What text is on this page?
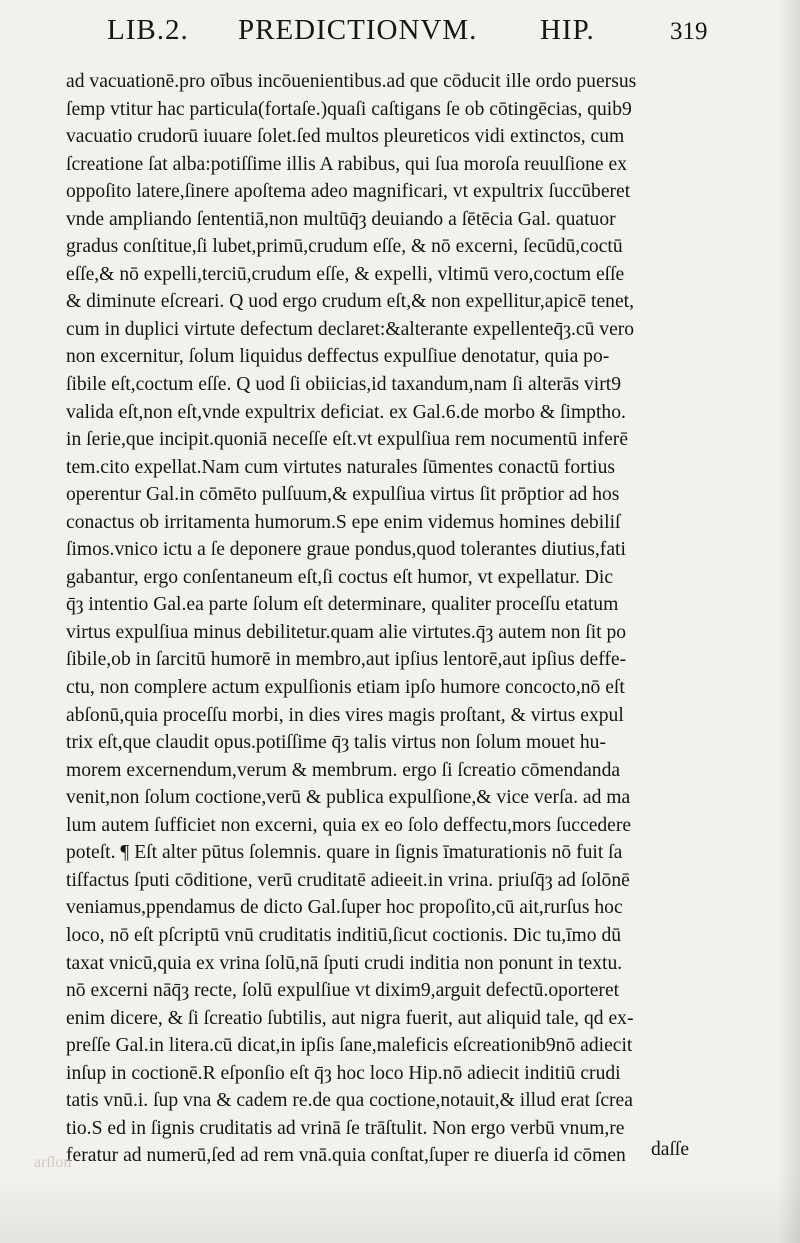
LIB.2. PREDICTIONVM. HIP.	319
ad vacuationē.pro oībus incōuenientibus.ad que cōducit ille ordo puersus
ſemp vtitur hac particula(fortaſe.)quaſi caſtigans ſe ob cōtingēcias, quib9
vacuatio crudorū iuuare ſolet.ſed multos pleureticos vidi extinctos, cum
ſcreatione ſat alba:potiſſime illis A rabibus, qui ſua moroſa reuulſione ex
oppoſito latere,ſinere apoſtema adeo magnificari, vt expultrix ſuccūberet
vnde ampliando ſententiā,non multūq̄ȝ deuiando a ſētēcia Gal. quatuor
gradus conſtitue,ſi lubet,primū,crudum eſſe, & nō excerni, ſecūdū,coctū
eſſe,& nō expelli,terciū,crudum eſſe, & expelli, vltimū vero,coctum eſſe
& diminute eſcreari. Q uod ergo crudum eſt,& non expellitur,apicē tenet,
cum in duplici virtute defectum declaret:&alterante expellenteq̄ȝ.cū vero
non excernitur, ſolum liquidus deffectus expulſiue denotatur, quia po-
ſibile eſt,coctum eſſe. Q uod ſi obiicias,id taxandum,nam ſi alterās virt9
valida eſt,non eſt,vnde expultrix deficiat. ex Gal.6.de morbo & ſimptho.
in ſerie,que incipit.quoniā neceſſe eſt.vt expulſiua rem nocumentū inferē
tem.cito expellat.Nam cum virtutes naturales ſūmentes conactū fortius
operentur Gal.in cōmēto pulſuum,& expulſiua virtus ſit prōptior ad hos
conactus ob irritamenta humorum.S epe enim videmus homines debiliſ
ſimos.vnico ictu a ſe deponere graue pondus,quod tolerantes diutius,fati
gabantur, ergo conſentaneum eſt,ſi coctus eſt humor, vt expellatur. Dic
q̄ȝ intentio Gal.ea parte ſolum eſt determinare, qualiter proceſſu etatum
virtus expulſiua minus debilitetur.quam alie virtutes.q̄ȝ autem non ſit po
ſibile,ob in ſarcitū humorē in membro,aut ipſius lentorē,aut ipſius deffe-
ctu, non complere actum expulſionis etiam ipſo humore concocto,nō eſt
abſonū,quia proceſſu morbi, in dies vires magis proſtant, & virtus expul
trix eſt,que claudit opus.potiſſime q̄ȝ talis virtus non ſolum mouet hu-
morem excernendum,verum & membrum. ergo ſi ſcreatio cōmendanda
venit,non ſolum coctione,verū & publica expulſione,& vice verſa. ad ma
lum autem ſufficiet non excerni, quia ex eo ſolo deffectu,mors ſuccedere
poteſt. ¶ Eſt alter pūtus ſolemnis. quare in ſignis īmaturationis nō fuit ſa
tiſfactus ſputi cōditione, verū cruditatē adieeit.in vrina. priuſq̄ȝ ad ſolōnē
veniamus,ppendamus de dicto Gal.ſuper hoc propoſito,cū ait,rurſus hoc
loco, nō eſt pſcriptū vnū cruditatis inditiū,ſicut coctionis. Dic tu,īmo dū
taxat vnicū,quia ex vrina ſolū,nā ſputi crudi inditia non ponunt in textu.
nō excerni nāq̄ȝ recte, ſolū expulſiue vt dixim9,arguit defectū.oporteret
enim dicere, & ſi ſcreatio ſubtilis, aut nigra fuerit, aut aliquid tale, qd ex-
preſſe Gal.in litera.cū dicat,in ipſis ſane,maleficis eſcreationib9nō adiecit
inſup in coctionē.R eſponſio eſt q̄ȝ hoc loco Hip.nō adiecit inditiū crudi
tatis vnū.i. ſup vna & cadem re.de qua coctione,notauit,& illud erat ſcrea
tio.S ed in ſignis cruditatis ad vrinā ſe trāſtulit. Non ergo verbū vnum,re
feratur ad numerū,ſed ad rem vnā.quia conſtat,ſuper re diuerſa id cōmen	daſſe
arſlon
